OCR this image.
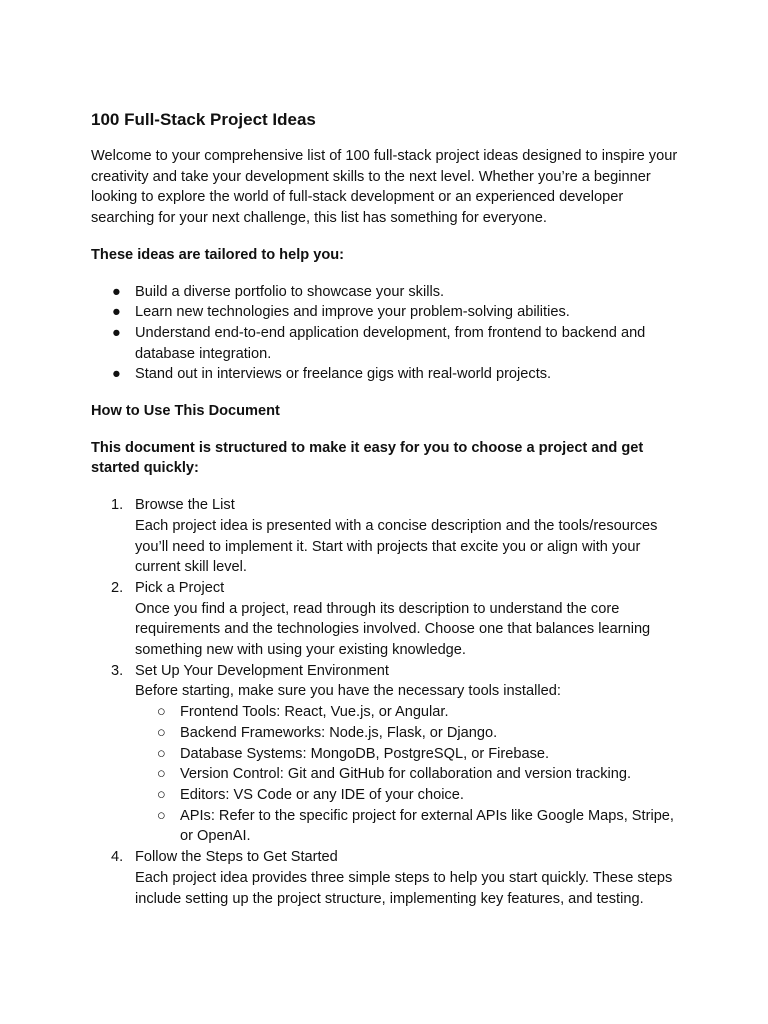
100 Full-Stack Project Ideas

Welcome to your comprehensive list of 100 full-stack project ideas designed to inspire your creativity and take your development skills to the next level. Whether you’re a beginner looking to explore the world of full-stack development or an experienced developer searching for your next challenge, this list has something for everyone.

These ideas are tailored to help you:

● Build a diverse portfolio to showcase your skills.
● Learn new technologies and improve your problem-solving abilities.
● Understand end-to-end application development, from frontend to backend and database integration.
● Stand out in interviews or freelance gigs with real-world projects.

How to Use This Document

This document is structured to make it easy for you to choose a project and get started quickly:

1. Browse the List
Each project idea is presented with a concise description and the tools/resources you’ll need to implement it. Start with projects that excite you or align with your current skill level.
2. Pick a Project
Once you find a project, read through its description to understand the core requirements and the technologies involved. Choose one that balances learning something new with using your existing knowledge.
3. Set Up Your Development Environment
Before starting, make sure you have the necessary tools installed:
○ Frontend Tools: React, Vue.js, or Angular.
○ Backend Frameworks: Node.js, Flask, or Django.
○ Database Systems: MongoDB, PostgreSQL, or Firebase.
○ Version Control: Git and GitHub for collaboration and version tracking.
○ Editors: VS Code or any IDE of your choice.
○ APIs: Refer to the specific project for external APIs like Google Maps, Stripe, or OpenAI.
4. Follow the Steps to Get Started
Each project idea provides three simple steps to help you start quickly. These steps include setting up the project structure, implementing key features, and testing.
